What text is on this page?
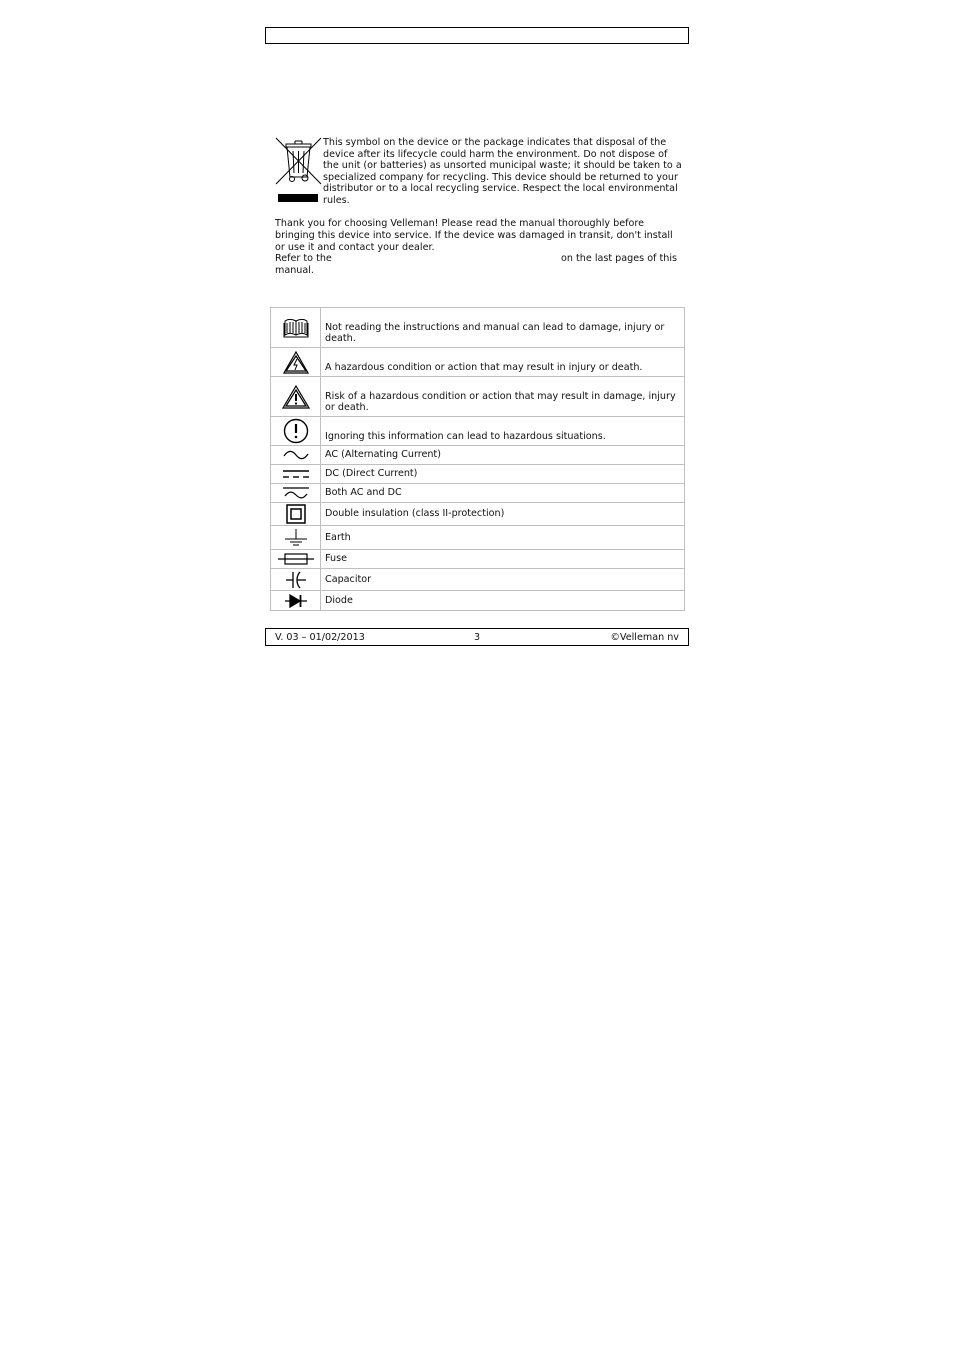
This symbol on the device or the package indicates that disposal of the device after its lifecycle could harm the environment. Do not dispose of the unit (or batteries) as unsorted municipal waste; it should be taken to a specialized company for recycling. This device should be returned to your distributor or to a local recycling service. Respect the local environmental rules.

Thank you for choosing Velleman! Please read the manual thoroughly before bringing this device into service. If the device was damaged in transit, don't install or use it and contact your dealer.

Refer to the	on the last pages of this

manual.

Not reading the instructions and manual can lead to damage, injury or death.

A hazardous condition or action that may result in injury or death.

Risk of a hazardous condition or action that may result in damage, injury or death.

Ignoring this information can lead to hazardous situations.

AC (Alternating Current)

DC (Direct Current)

Both AC and DC

Double insulation (class II-protection)

Earth

Fuse

Capacitor

Diode
V. 03 – 01/02/2013	3	©Velleman nv
